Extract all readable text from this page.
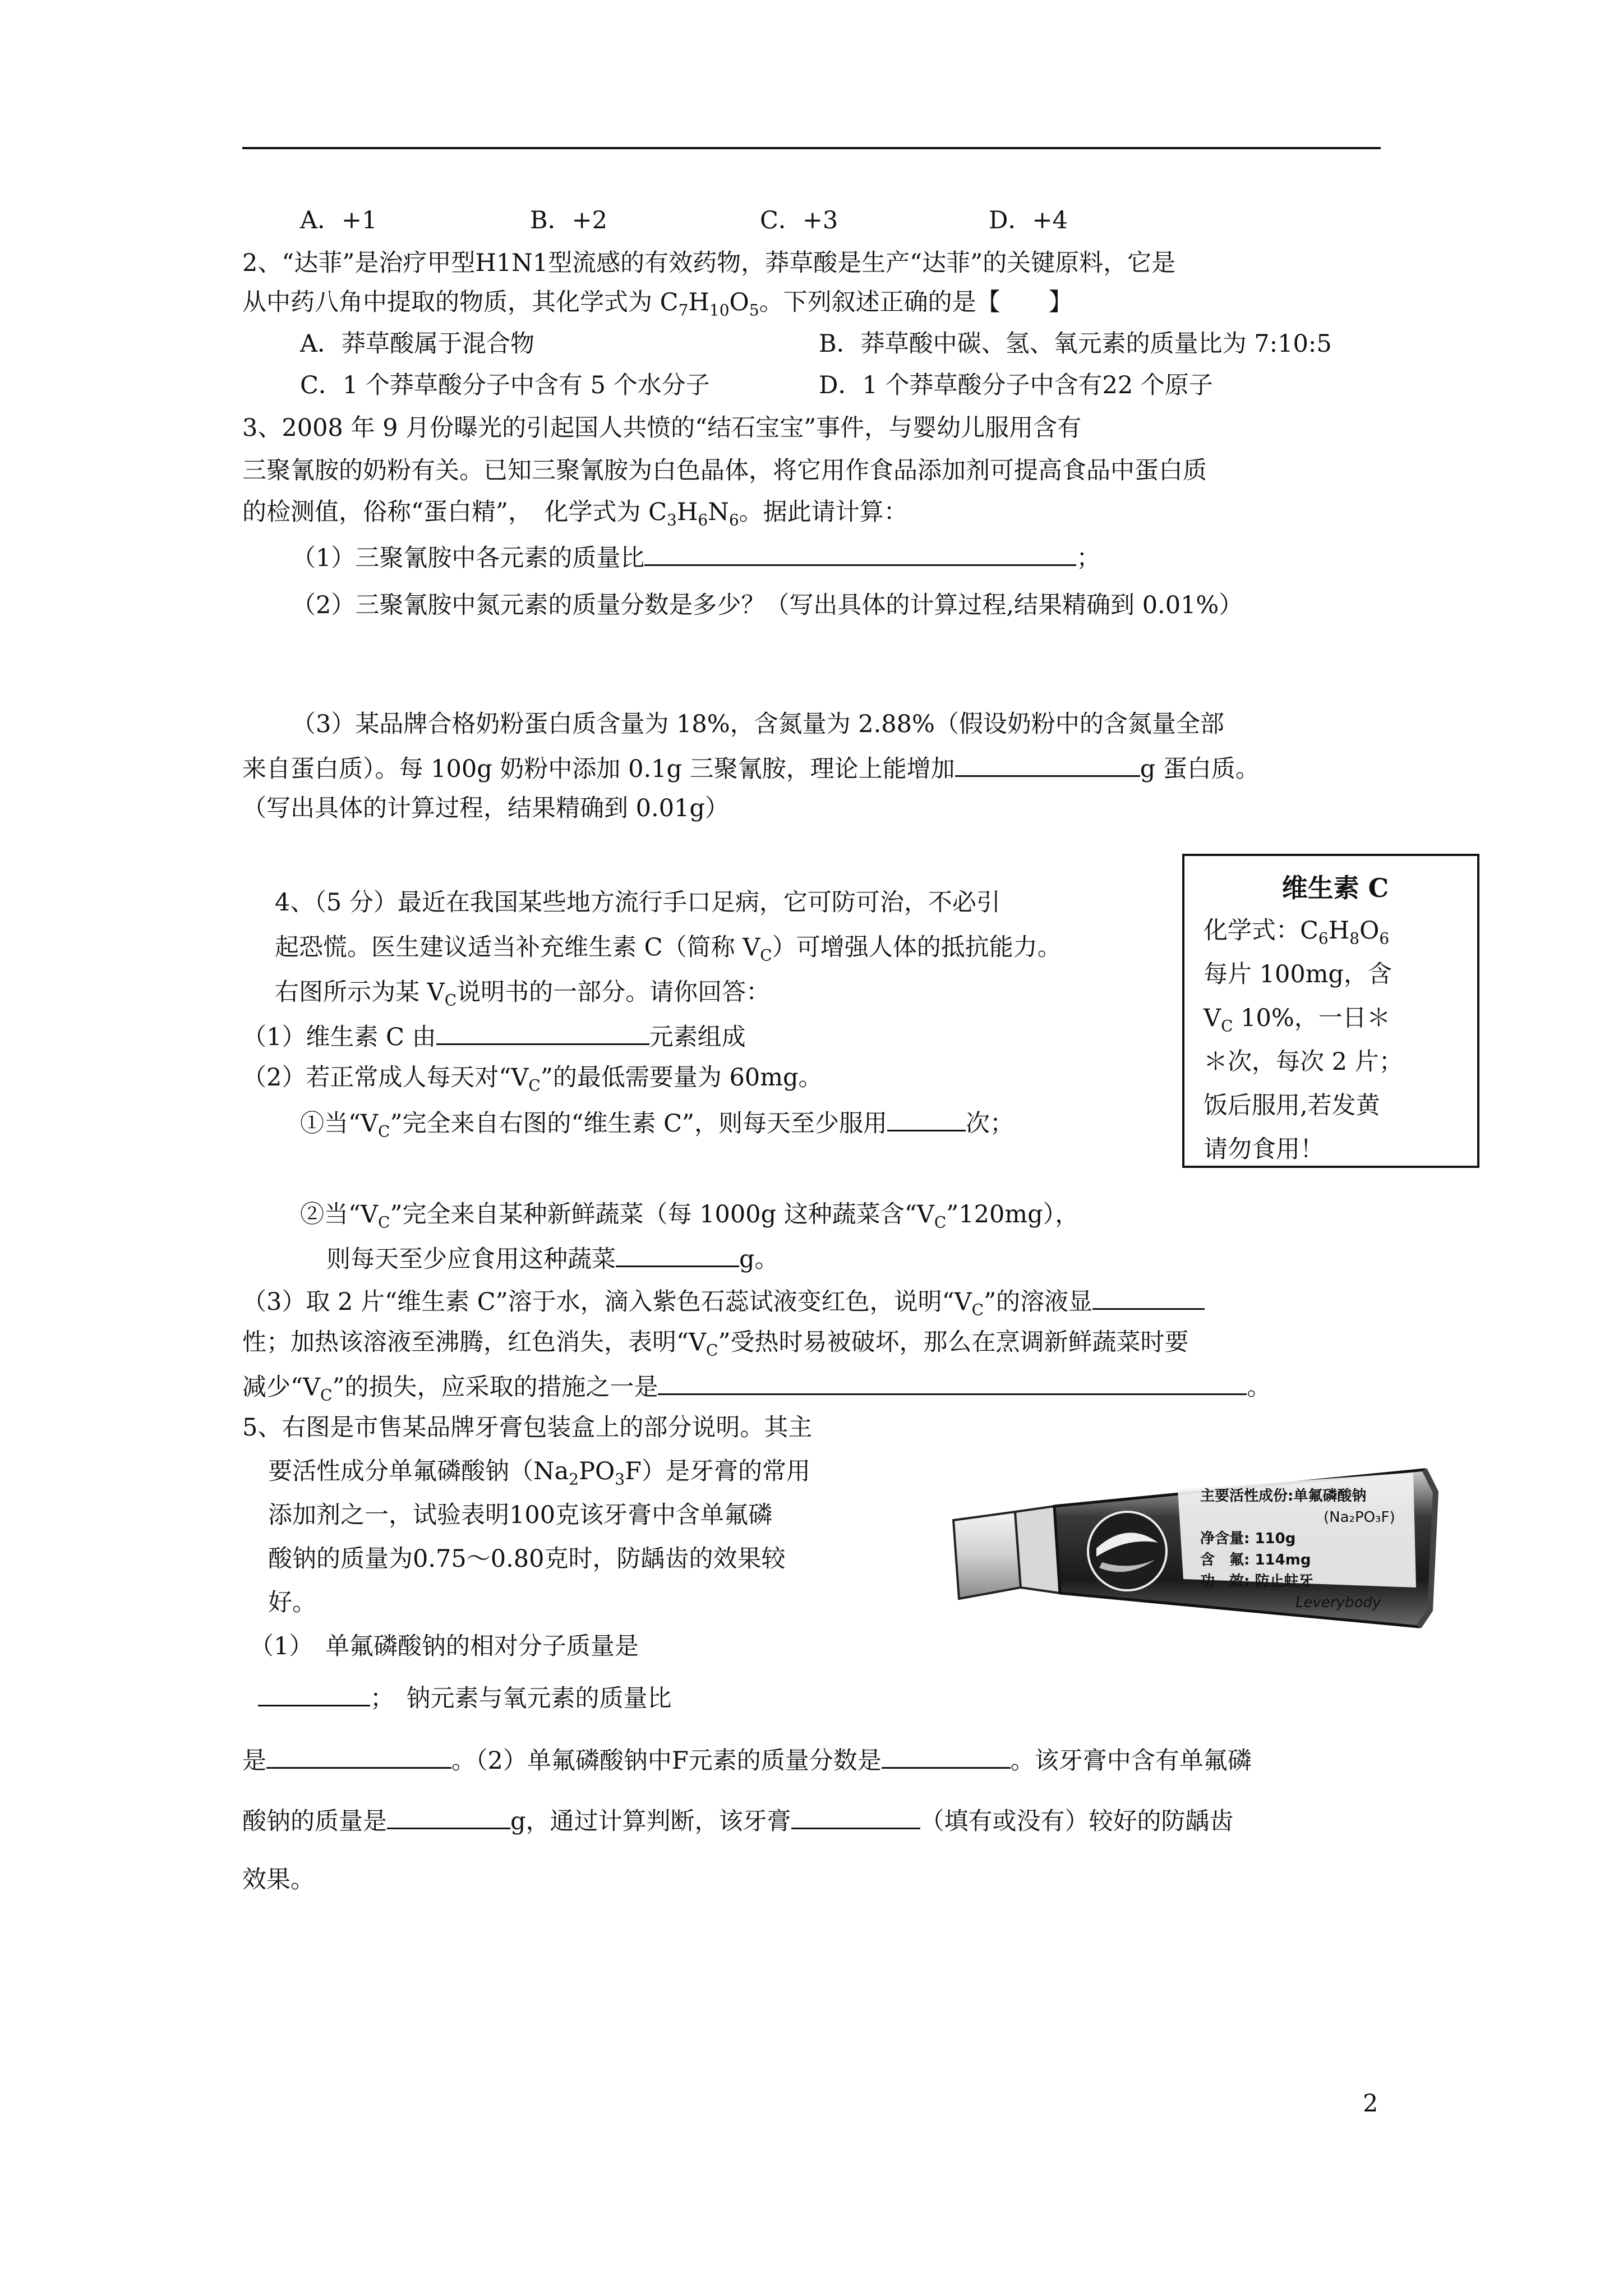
A．+1	B．+2	C．+3	D．+4
2、“达菲”是治疗甲型H1N1型流感的有效药物，莽草酸是生产“达菲”的关键原料，它是
从中药八角中提取的物质，其化学式为 $C_7H_{10}O_5$。下列叙述正确的是【　　】
A．莽草酸属于混合物	B．莽草酸中碳、氢、氧元素的质量比为 7:10:5
C．1 个莽草酸分子中含有 5 个水分子	D．1 个莽草酸分子中含有22 个原子
3、2008 年 9 月份曝光的引起国人共愤的“结石宝宝”事件，与婴幼儿服用含有
三聚氰胺的奶粉有关。已知三聚氰胺为白色晶体，将它用作食品添加剂可提高食品中蛋白质
的检测值，俗称“蛋白精”，　化学式为 $C_3H_6N_6$。据此请计算：
（1）三聚氰胺中各元素的质量比	；
（2）三聚氰胺中氮元素的质量分数是多少？（写出具体的计算过程,结果精确到 0.01%）
（3）某品牌合格奶粉蛋白质含量为 18%，含氮量为 2.88%（假设奶粉中的含氮量全部
来自蛋白质）。每 100g 奶粉中添加 0.1g 三聚氰胺，理论上能增加	g 蛋白质。
（写出具体的计算过程，结果精确到 0.01g）
4、（5 分）最近在我国某些地方流行手口足病，它可防可治，不必引
起恐慌。医生建议适当补充维生素 C（简称 $V_C$）可增强人体的抵抗能力。
右图所示为某 $V_C$说明书的一部分。请你回答：
（1）维生素 C 由	元素组成
（2）若正常成人每天对“$V_C$”的最低需要量为 60mg。
①当“$V_C$”完全来自右图的“维生素 C”，则每天至少服用	次；
②当“$V_C$”完全来自某种新鲜蔬菜（每 1000g 这种蔬菜含“$V_C”120mg$），
则每天至少应食用这种蔬菜	g。
（3）取 2 片“维生素 C”溶于水，滴入紫色石蕊试液变红色，说明“$V_C$”的溶液显
性；加热该溶液至沸腾，红色消失，表明“$V_C$”受热时易被破坏，那么在烹调新鲜蔬菜时要
减少“$V_C$”的损失，应采取的措施之一是	。
维生素 C
化学式：$C_6H_8O_6$
每片 100mg，含
$V_C$ 10%，一日＊
＊次，每次 2 片；
饭后服用,若发黄
请勿食用！
5、右图是市售某品牌牙膏包装盒上的部分说明。其主
要活性成分单氟磷酸钠$(Na_2PO_3F)$是牙膏的常用
添加剂之一，试验表明100克该牙膏中含单氟磷
酸钠的质量为0.75～0.80克时，防龋齿的效果较
好。
（1）　单氟磷酸钠的相对分子质量是
；　钠元素与氧元素的质量比
是	。（2）单氟磷酸钠中F元素的质量分数是	。该牙膏中含有单氟磷
酸钠的质量是	g，通过计算判断，该牙膏	（填有或没有）较好的防龋齿
效果。
主要活性成份:单氟磷酸钠
(Na₂PO₃F)
净含量: 110g
含　氟: 114mg
功　效: 防止蛀牙
Leverybody
2
